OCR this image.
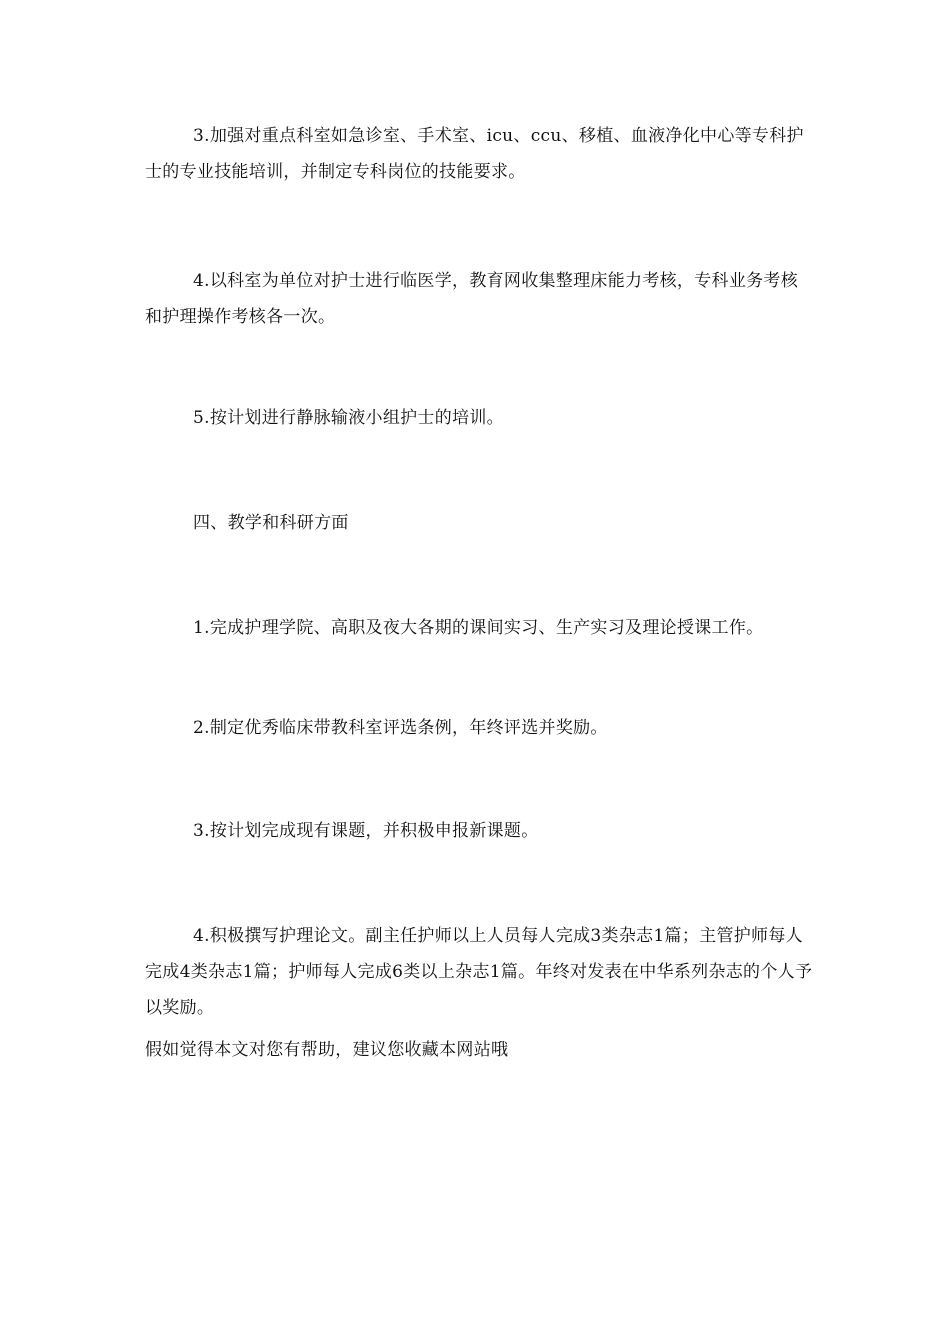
3.加强对重点科室如急诊室、手术室、icu、ccu、移植、血液净化中心等专科护士的专业技能培训，并制定专科岗位的技能要求。

4.以科室为单位对护士进行临医学，教育网收集整理床能力考核，专科业务考核和护理操作考核各一次。

5.按计划进行静脉输液小组护士的培训。

四、教学和科研方面

1.完成护理学院、高职及夜大各期的课间实习、生产实习及理论授课工作。

2.制定优秀临床带教科室评选条例，年终评选并奖励。

3.按计划完成现有课题，并积极申报新课题。

4.积极撰写护理论文。副主任护师以上人员每人完成3类杂志1篇；主管护师每人完成4类杂志1篇；护师每人完成6类以上杂志1篇。年终对发表在中华系列杂志的个人予以奖励。

假如觉得本文对您有帮助，建议您收藏本网站哦
